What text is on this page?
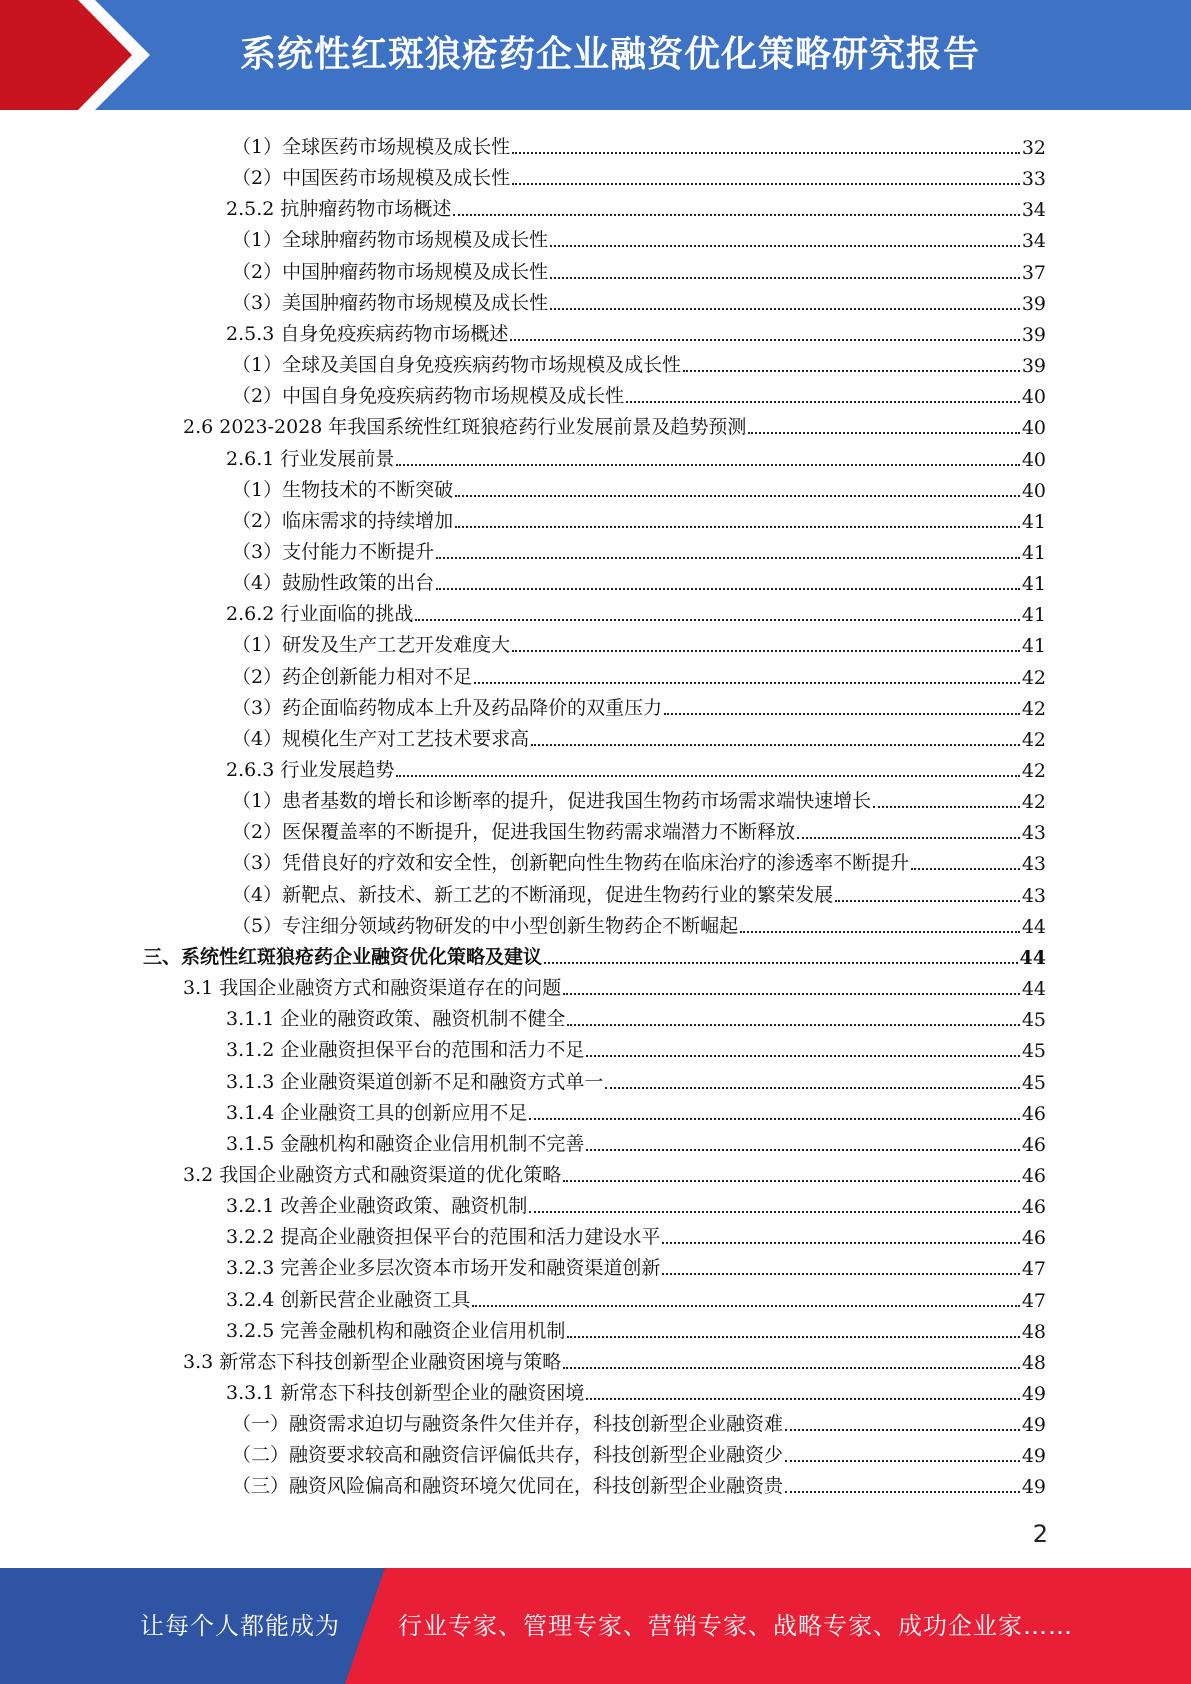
系统性红斑狼疮药企业融资优化策略研究报告
（1）全球医药市场规模及成长性	32
（2）中国医药市场规模及成长性	33
2.5.2 抗肿瘤药物市场概述	34
（1）全球肿瘤药物市场规模及成长性	34
（2）中国肿瘤药物市场规模及成长性	37
（3）美国肿瘤药物市场规模及成长性	39
2.5.3 自身免疫疾病药物市场概述	39
（1）全球及美国自身免疫疾病药物市场规模及成长性	39
（2）中国自身免疫疾病药物市场规模及成长性	40
2.6 2023-2028 年我国系统性红斑狼疮药行业发展前景及趋势预测	40
2.6.1 行业发展前景	40
（1）生物技术的不断突破	40
（2）临床需求的持续增加	41
（3）支付能力不断提升	41
（4）鼓励性政策的出台	41
2.6.2 行业面临的挑战	41
（1）研发及生产工艺开发难度大	41
（2）药企创新能力相对不足	42
（3）药企面临药物成本上升及药品降价的双重压力	42
（4）规模化生产对工艺技术要求高	42
2.6.3 行业发展趋势	42
（1）患者基数的增长和诊断率的提升，促进我国生物药市场需求端快速增长	42
（2）医保覆盖率的不断提升，促进我国生物药需求端潜力不断释放	43
（3）凭借良好的疗效和安全性，创新靶向性生物药在临床治疗的渗透率不断提升	43
（4）新靶点、新技术、新工艺的不断涌现，促进生物药行业的繁荣发展	43
（5）专注细分领域药物研发的中小型创新生物药企不断崛起	44
三、系统性红斑狼疮药企业融资优化策略及建议	44
3.1 我国企业融资方式和融资渠道存在的问题	44
3.1.1 企业的融资政策、融资机制不健全	45
3.1.2 企业融资担保平台的范围和活力不足	45
3.1.3 企业融资渠道创新不足和融资方式单一	45
3.1.4 企业融资工具的创新应用不足	46
3.1.5 金融机构和融资企业信用机制不完善	46
3.2 我国企业融资方式和融资渠道的优化策略	46
3.2.1 改善企业融资政策、融资机制	46
3.2.2 提高企业融资担保平台的范围和活力建设水平	46
3.2.3 完善企业多层次资本市场开发和融资渠道创新	47
3.2.4 创新民营企业融资工具	47
3.2.5 完善金融机构和融资企业信用机制	48
3.3 新常态下科技创新型企业融资困境与策略	48
3.3.1 新常态下科技创新型企业的融资困境	49
（一）融资需求迫切与融资条件欠佳并存，科技创新型企业融资难	49
（二）融资要求较高和融资信评偏低共存，科技创新型企业融资少	49
（三）融资风险偏高和融资环境欠优同在，科技创新型企业融资贵	49
2
让每个人都能成为 行业专家、管理专家、营销专家、战略专家、成功企业家……
